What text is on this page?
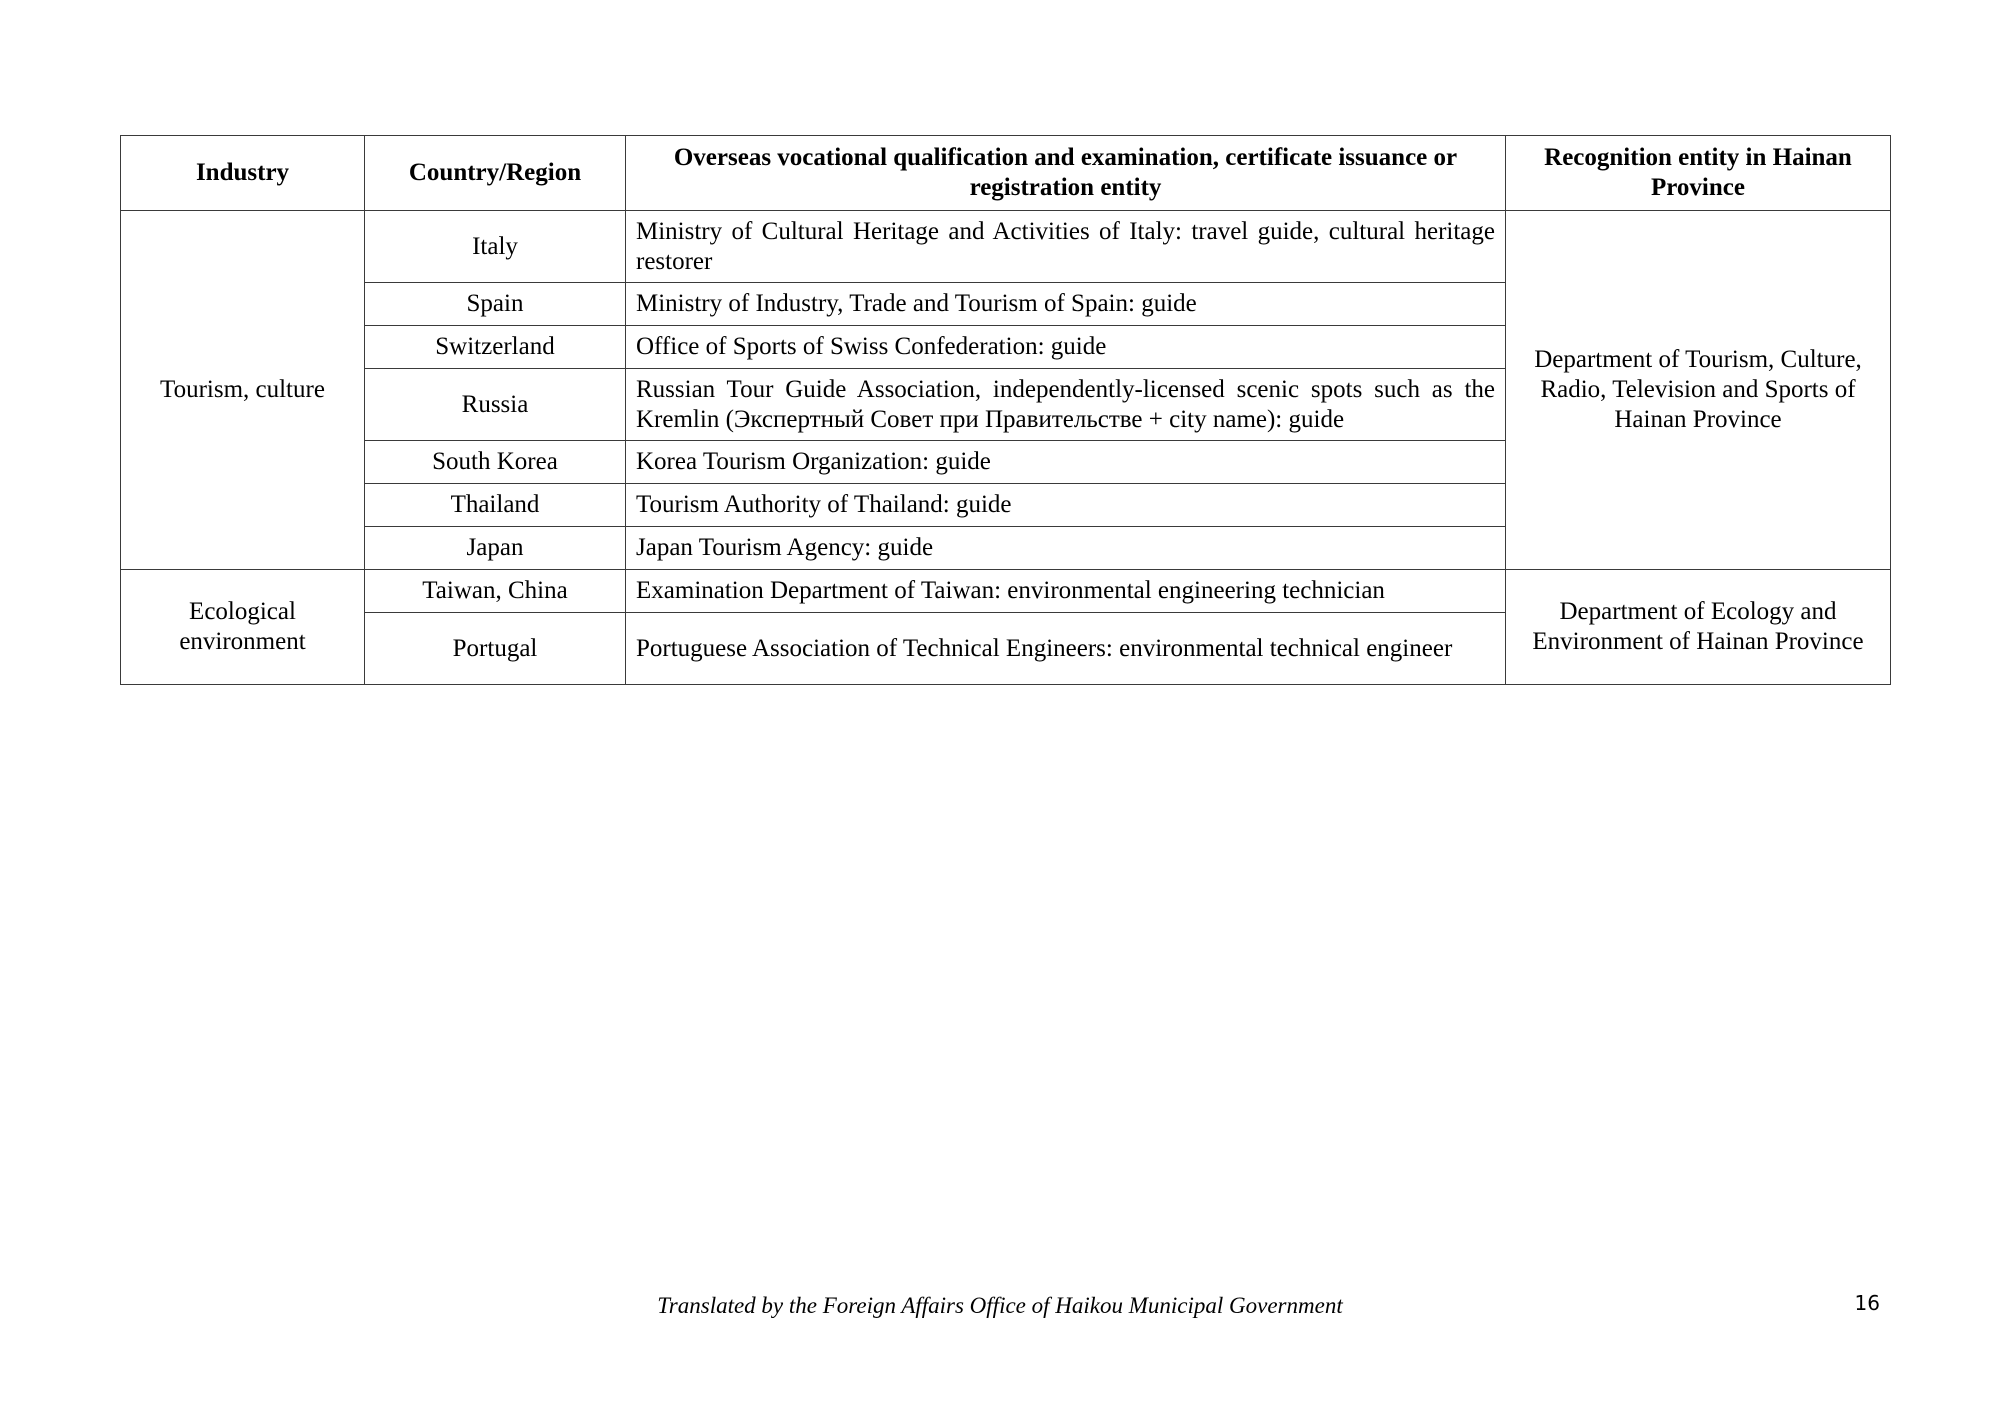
Industry	Country/Region	Overseas vocational qualification and examination, certificate issuance or registration entity	Recognition entity in Hainan Province
Tourism, culture	Italy	Ministry of Cultural Heritage and Activities of Italy: travel guide, cultural heritage restorer	Department of Tourism, Culture, Radio, Television and Sports of Hainan Province
	Spain	Ministry of Industry, Trade and Tourism of Spain: guide	
	Switzerland	Office of Sports of Swiss Confederation: guide	
	Russia	Russian Tour Guide Association, independently-licensed scenic spots such as the Kremlin (Экспертный Совет при Правительстве + city name): guide	
	South Korea	Korea Tourism Organization: guide	
	Thailand	Tourism Authority of Thailand: guide	
	Japan	Japan Tourism Agency: guide	
Ecological environment	Taiwan, China	Examination Department of Taiwan: environmental engineering technician	Department of Ecology and Environment of Hainan Province
	Portugal	Portuguese Association of Technical Engineers: environmental technical engineer	
Translated by the Foreign Affairs Office of Haikou Municipal Government	16
